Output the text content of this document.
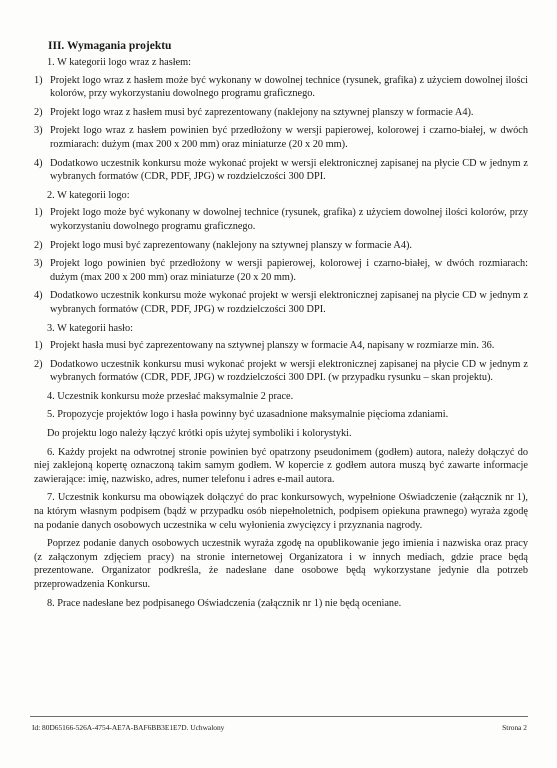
III. Wymagania projektu
1. W kategorii logo wraz z hasłem:
1) Projekt logo wraz z hasłem może być wykonany w dowolnej technice (rysunek, grafika) z użyciem dowolnej ilości kolorów, przy wykorzystaniu dowolnego programu graficznego.
2) Projekt logo wraz z hasłem musi być zaprezentowany (naklejony na sztywnej planszy w formacie A4).
3) Projekt logo wraz z hasłem powinien być przedłożony w wersji papierowej, kolorowej i czarno-białej, w dwóch rozmiarach: dużym (max 200 x 200 mm) oraz miniaturze (20 x 20 mm).
4) Dodatkowo uczestnik konkursu może wykonać projekt w wersji elektronicznej zapisanej na płycie CD w jednym z wybranych formatów (CDR, PDF, JPG) w rozdzielczości 300 DPI.
2. W kategorii logo:
1) Projekt logo może być wykonany w dowolnej technice (rysunek, grafika) z użyciem dowolnej ilości kolorów, przy wykorzystaniu dowolnego programu graficznego.
2) Projekt logo musi być zaprezentowany (naklejony na sztywnej planszy w formacie A4).
3) Projekt logo powinien być przedłożony w wersji papierowej, kolorowej i czarno-białej, w dwóch rozmiarach: dużym (max 200 x 200 mm) oraz miniaturze (20 x 20 mm).
4) Dodatkowo uczestnik konkursu może wykonać projekt w wersji elektronicznej zapisanej na płycie CD w jednym z wybranych formatów (CDR, PDF, JPG) w rozdzielczości 300 DPI.
3. W kategorii hasło:
1) Projekt hasła musi być zaprezentowany na sztywnej planszy w formacie A4, napisany w rozmiarze min. 36.
2) Dodatkowo uczestnik konkursu musi wykonać projekt w wersji elektronicznej zapisanej na płycie CD w jednym z wybranych formatów (CDR, PDF, JPG) w rozdzielczości 300 DPI. (w przypadku rysunku – skan projektu).
4. Uczestnik konkursu może przesłać maksymalnie 2 prace.
5. Propozycje projektów logo i hasła powinny być uzasadnione maksymalnie pięcioma zdaniami.
Do projektu logo należy łączyć krótki opis użytej symboliki i kolorystyki.
6. Każdy projekt na odwrotnej stronie powinien być opatrzony pseudonimem (godłem) autora, należy dołączyć do niej zaklejoną kopertę oznaczoną takim samym godłem. W kopercie z godłem autora muszą być zawarte informacje zawierające: imię, nazwisko, adres, numer telefonu i adres e-mail autora.
7. Uczestnik konkursu ma obowiązek dołączyć do prac konkursowych, wypełnione Oświadczenie (załącznik nr 1), na którym własnym podpisem (bądź w przypadku osób niepełnoletnich, podpisem opiekuna prawnego) wyraża zgodę na podanie danych osobowych uczestnika w celu wyłonienia zwycięzcy i przyznania nagrody.
Poprzez podanie danych osobowych uczestnik wyraża zgodę na opublikowanie jego imienia i nazwiska oraz pracy (z załączonym zdjęciem pracy) na stronie internetowej Organizatora i w innych mediach, gdzie prace będą prezentowane. Organizator podkreśla, że nadesłane dane osobowe będą wykorzystane jedynie dla potrzeb przeprowadzenia Konkursu.
8. Prace nadesłane bez podpisanego Oświadczenia (załącznik nr 1) nie będą oceniane.
Id: 80D65166-526A-4754-AE7A-BAF6BB3E1E7D. Uchwalony	Strona 2
